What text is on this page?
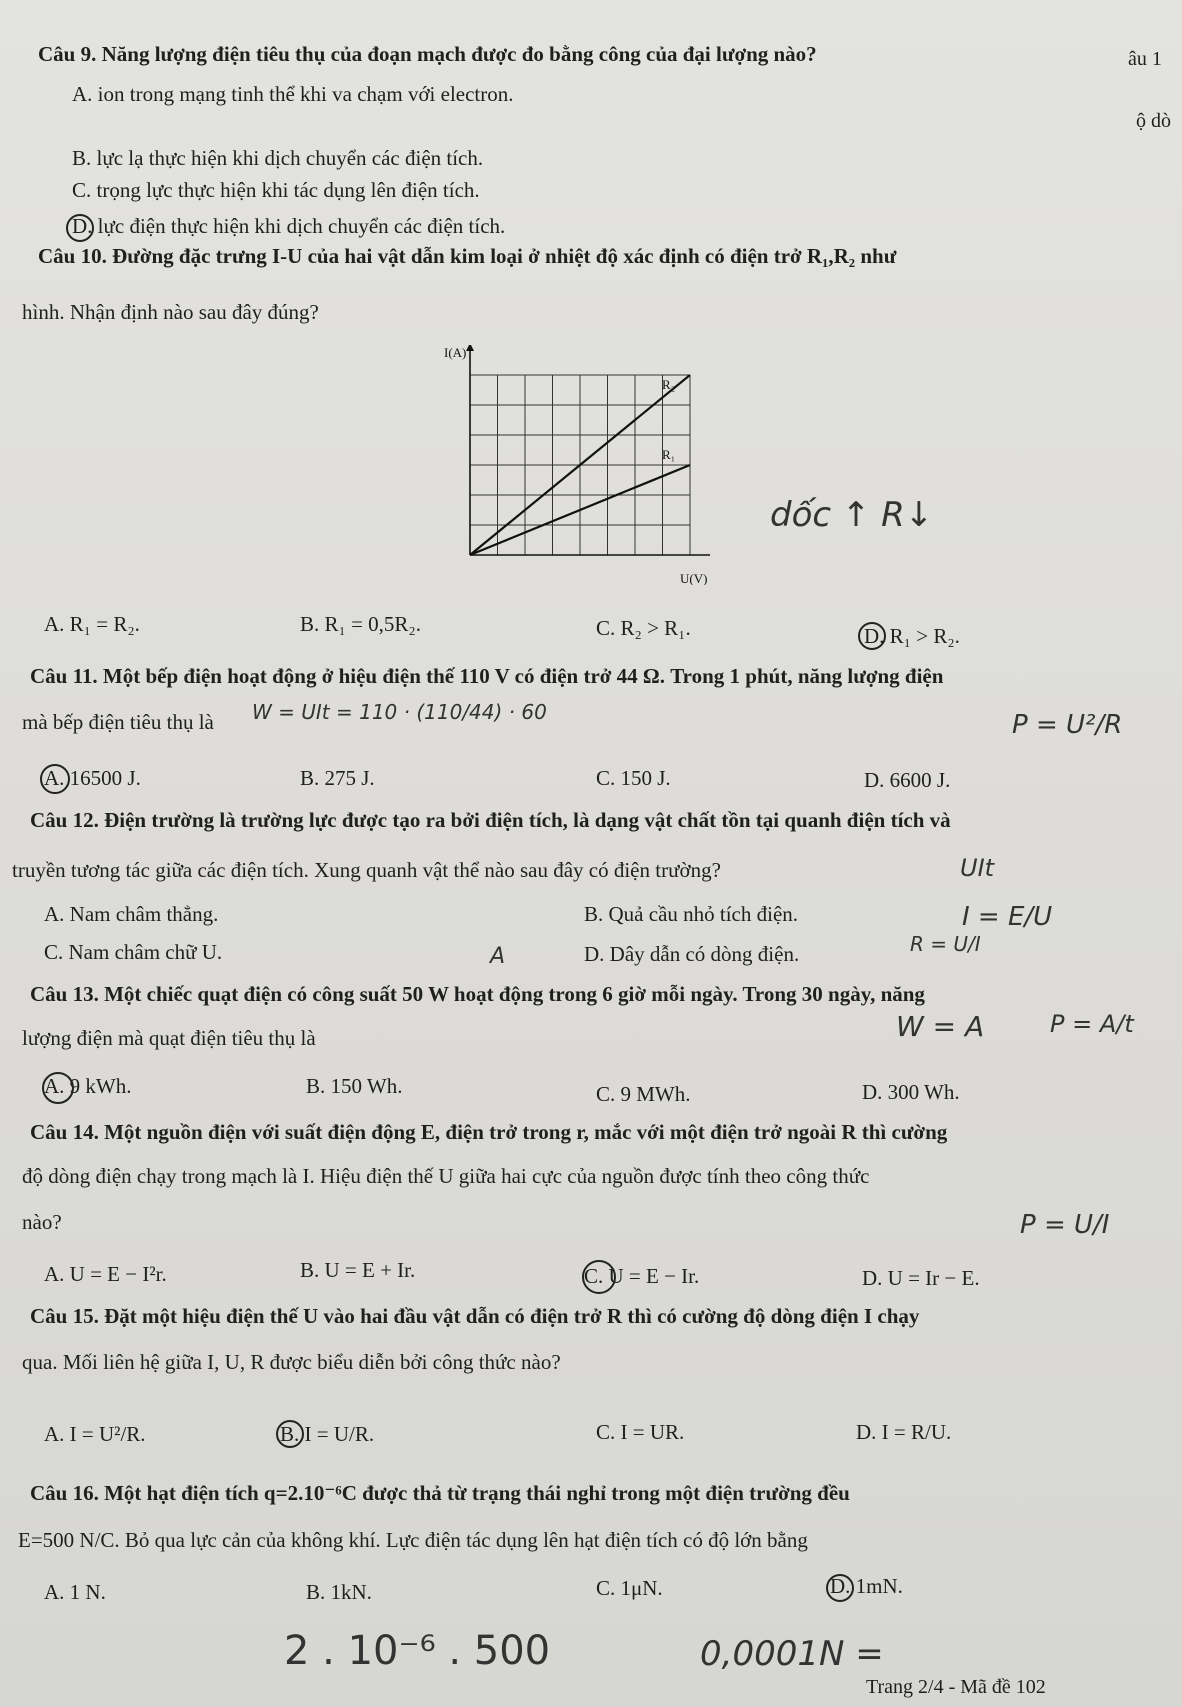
âu 1
ộ dò
Câu 9. Năng lượng điện tiêu thụ của đoạn mạch được đo bằng công của đại lượng nào?
A. ion trong mạng tinh thể khi va chạm với electron.
B. lực lạ thực hiện khi dịch chuyển các điện tích.
C. trọng lực thực hiện khi tác dụng lên điện tích.
D. lực điện thực hiện khi dịch chuyển các điện tích.
Câu 10. Đường đặc trưng I-U của hai vật dẫn kim loại ở nhiệt độ xác định có điện trở R₁,R₂ như
hình. Nhận định nào sau đây đúng?
I(A)
U(V)
R₂
R₁
A. R₁ = R₂.	B. R₁ = 0,5R₂.	C. R₂ > R₁.	D. R₁ > R₂.
Câu 11. Một bếp điện hoạt động ở hiệu điện thế 110 V có điện trở 44 Ω. Trong 1 phút, năng lượng điện
mà bếp điện tiêu thụ là
A. 16500 J.	B. 275 J.	C. 150 J.	D. 6600 J.
Câu 12. Điện trường là trường lực được tạo ra bởi điện tích, là dạng vật chất tồn tại quanh điện tích và
truyền tương tác giữa các điện tích. Xung quanh vật thể nào sau đây có điện trường?
A. Nam châm thẳng.	B. Quả cầu nhỏ tích điện.
C. Nam châm chữ U.	D. Dây dẫn có dòng điện.
Câu 13. Một chiếc quạt điện có công suất 50 W hoạt động trong 6 giờ mỗi ngày. Trong 30 ngày, năng
lượng điện mà quạt điện tiêu thụ là
A. 9 kWh.	B. 150 Wh.	C. 9 MWh.	D. 300 Wh.
Câu 14. Một nguồn điện với suất điện động E, điện trở trong r, mắc với một điện trở ngoài R thì cường
độ dòng điện chạy trong mạch là I. Hiệu điện thế U giữa hai cực của nguồn được tính theo công thức
nào?
A. U = E − I²r.	B. U = E + Ir.	C. U = E − Ir.	D. U = Ir − E.
Câu 15. Đặt một hiệu điện thế U vào hai đầu vật dẫn có điện trở R thì có cường độ dòng điện I chạy
qua. Mối liên hệ giữa I, U, R được biểu diễn bởi công thức nào?
A. I = U²/R.	B. I = U/R.	C. I = UR.	D. I = R/U.
Câu 16. Một hạt điện tích q=2.10⁻⁶C được thả từ trạng thái nghỉ trong một điện trường đều
E=500 N/C. Bỏ qua lực cản của không khí. Lực điện tác dụng lên hạt điện tích có độ lớn bằng
A. 1 N.	B. 1kN.	C. 1μN.	D. 1mN.
dốc ↑ R↓
W = UIt = 110 · (110/44) · 60	P = U²/R
UIt
I = E/U
R = U/I
W = A	P = A/t
P = U/I
2 . 10⁻⁶ . 500	0,0001N =
A
Trang 2/4 - Mã đề 102
